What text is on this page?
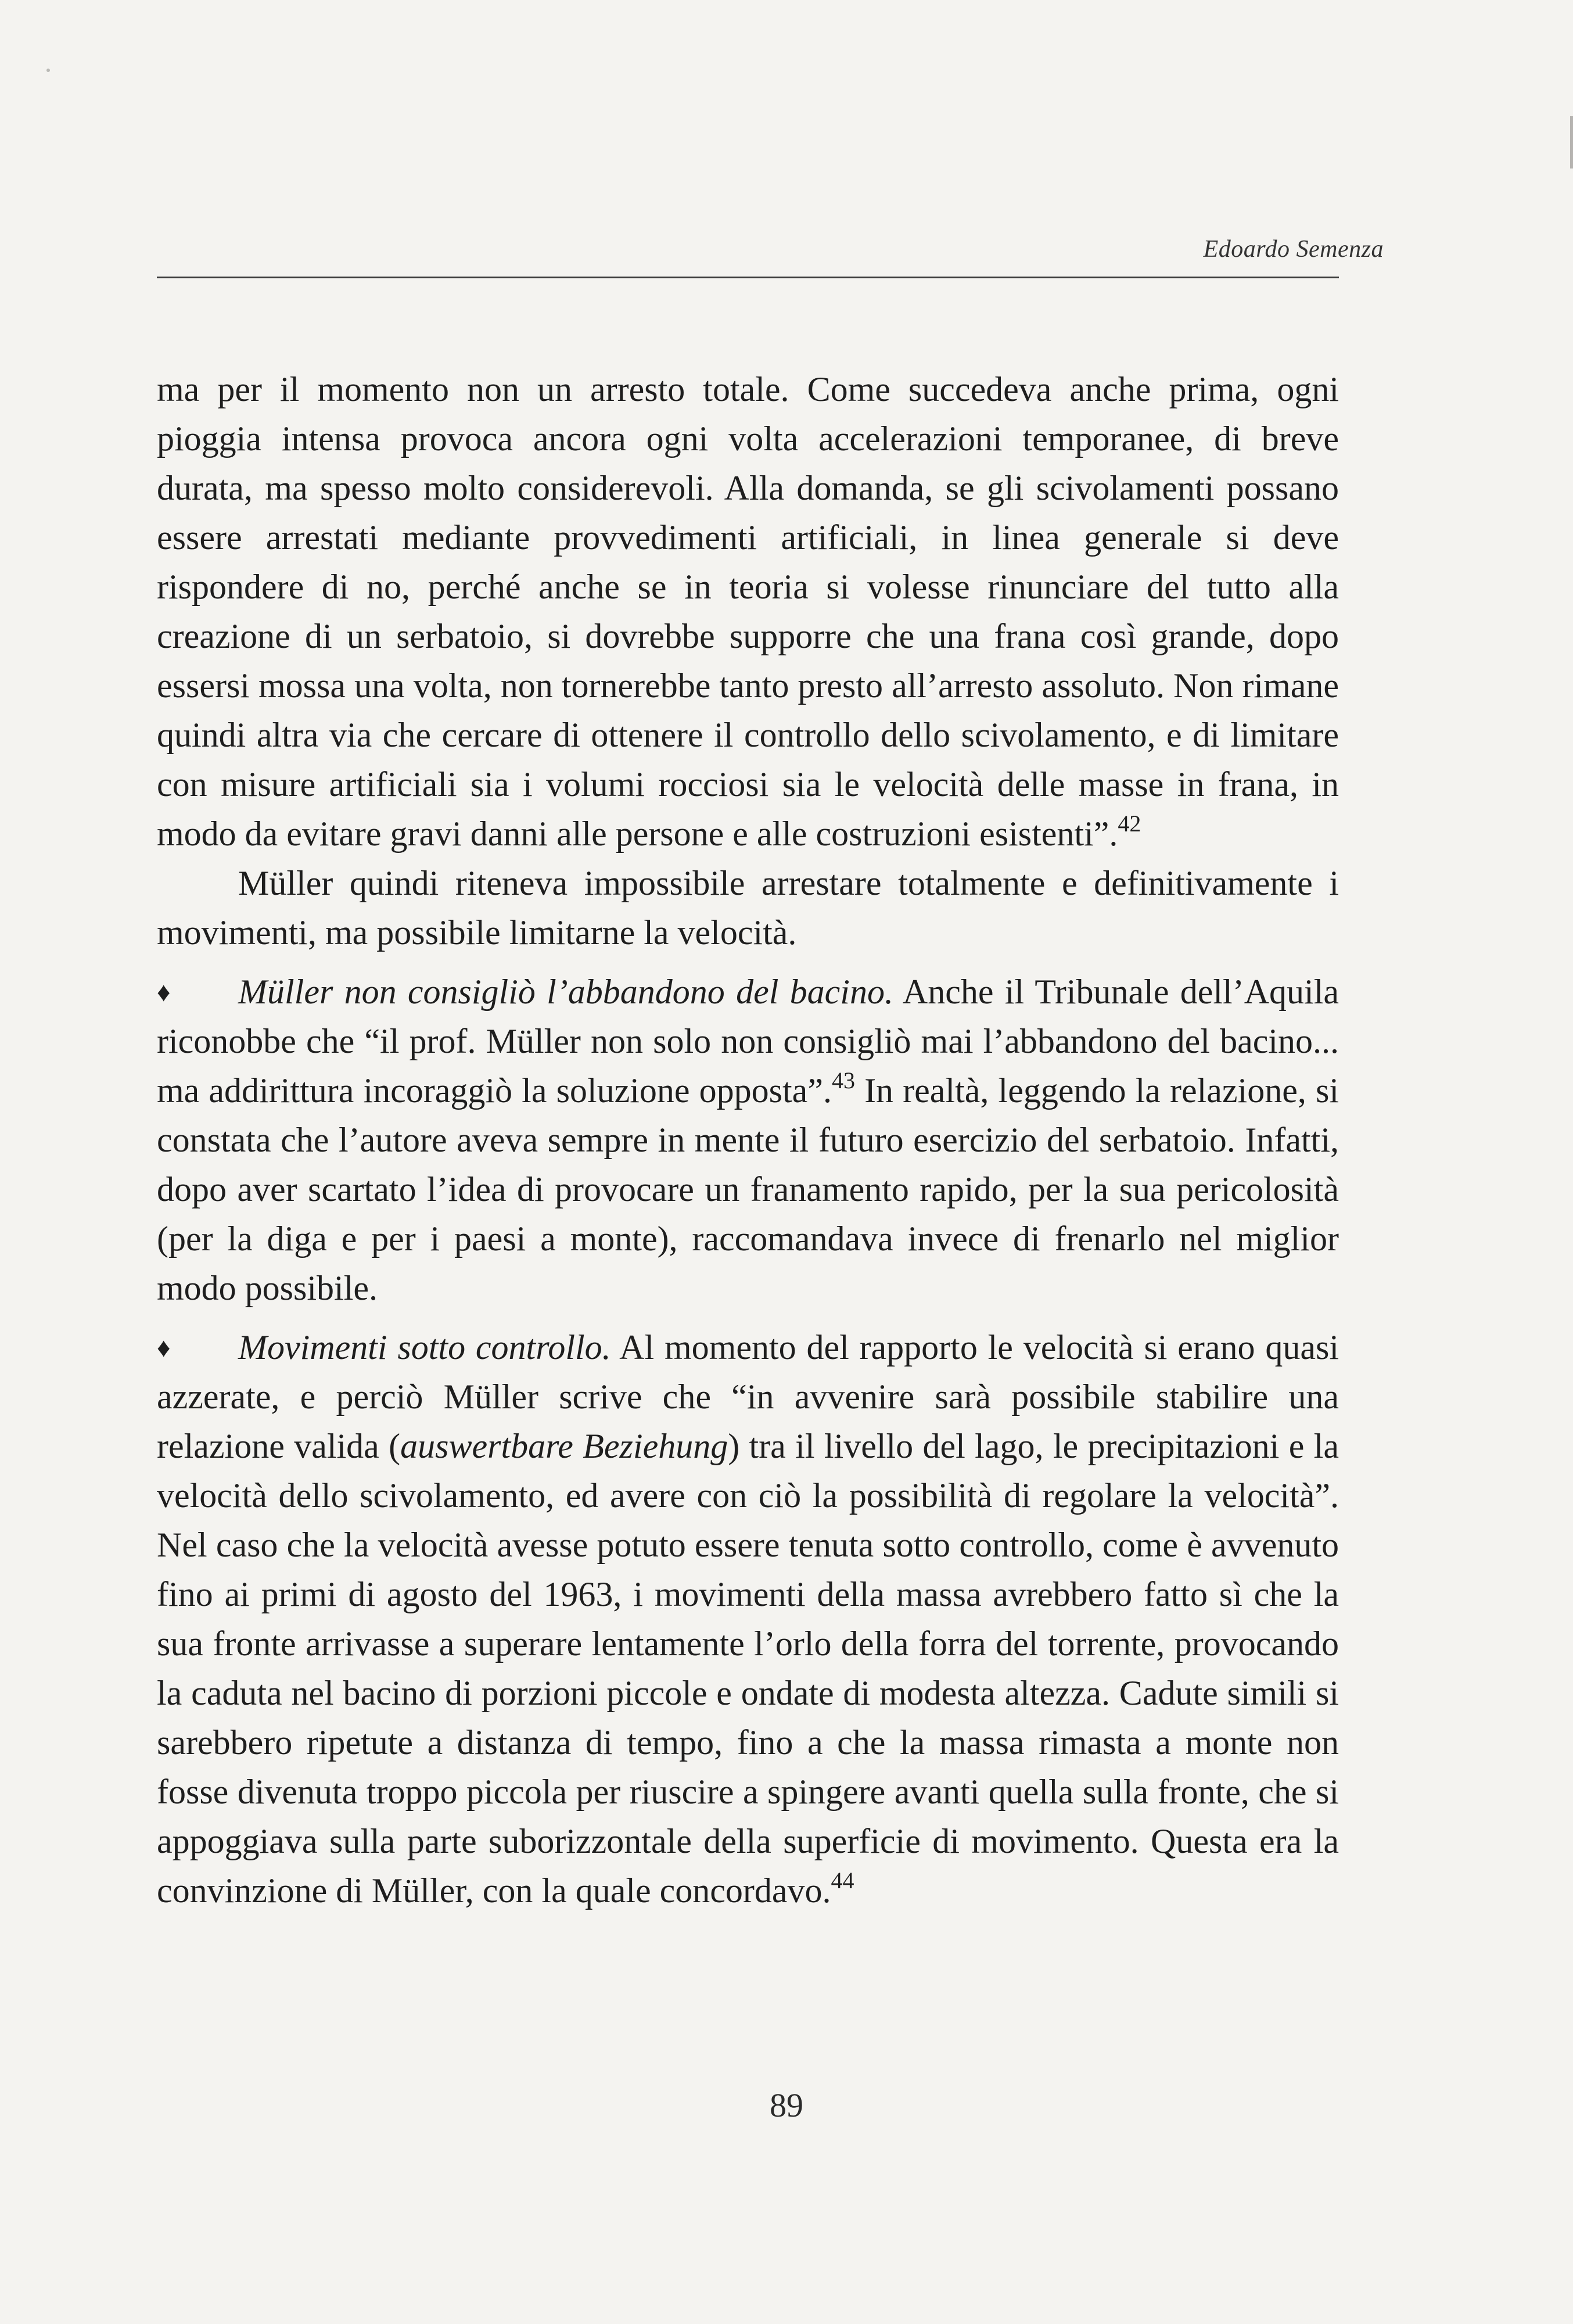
Edoardo Semenza

ma per il momento non un arresto totale. Come succedeva anche prima, ogni pioggia intensa provoca ancora ogni volta accelerazioni temporanee, di breve durata, ma spesso molto considerevoli. Alla domanda, se gli scivolamenti possano essere arrestati mediante provvedimenti artificiali, in linea generale si deve rispondere di no, perché anche se in teoria si volesse rinunciare del tutto alla creazione di un serbatoio, si dovrebbe supporre che una frana così grande, dopo essersi mossa una volta, non tornerebbe tanto presto all’arresto assoluto. Non rimane quindi altra via che cercare di ottenere il controllo dello scivolamento, e di limitare con misure artificiali sia i volumi rocciosi sia le velocità delle masse in frana, in modo da evitare gravi danni alle persone e alle costruzioni esistenti”.$^{42}$

Müller quindi riteneva impossibile arrestare totalmente e definitivamente i movimenti, ma possibile limitarne la velocità.

♦ Müller non consigliò l’abbandono del bacino. Anche il Tribunale dell’Aquila riconobbe che “il prof. Müller non solo non consigliò mai l’abbandono del bacino... ma addirittura incoraggiò la soluzione opposta”.$^{43}$ In realtà, leggendo la relazione, si constata che l’autore aveva sempre in mente il futuro esercizio del serbatoio. Infatti, dopo aver scartato l’idea di provocare un franamento rapido, per la sua pericolosità (per la diga e per i paesi a monte), raccomandava invece di frenarlo nel miglior modo possibile.

♦ Movimenti sotto controllo. Al momento del rapporto le velocità si erano quasi azzerate, e perciò Müller scrive che “in avvenire sarà possibile stabilire una relazione valida (auswertbare Beziehung) tra il livello del lago, le precipitazioni e la velocità dello scivolamento, ed avere con ciò la possibilità di regolare la velocità”. Nel caso che la velocità avesse potuto essere tenuta sotto controllo, come è avvenuto fino ai primi di agosto del 1963, i movimenti della massa avrebbero fatto sì che la sua fronte arrivasse a superare lentamente l’orlo della forra del torrente, provocando la caduta nel bacino di porzioni piccole e ondate di modesta altezza. Cadute simili si sarebbero ripetute a distanza di tempo, fino a che la massa rimasta a monte non fosse divenuta troppo piccola per riuscire a spingere avanti quella sulla fronte, che si appoggiava sulla parte suborizzontale della superficie di movimento. Questa era la convinzione di Müller, con la quale concordavo.$^{44}$

89
